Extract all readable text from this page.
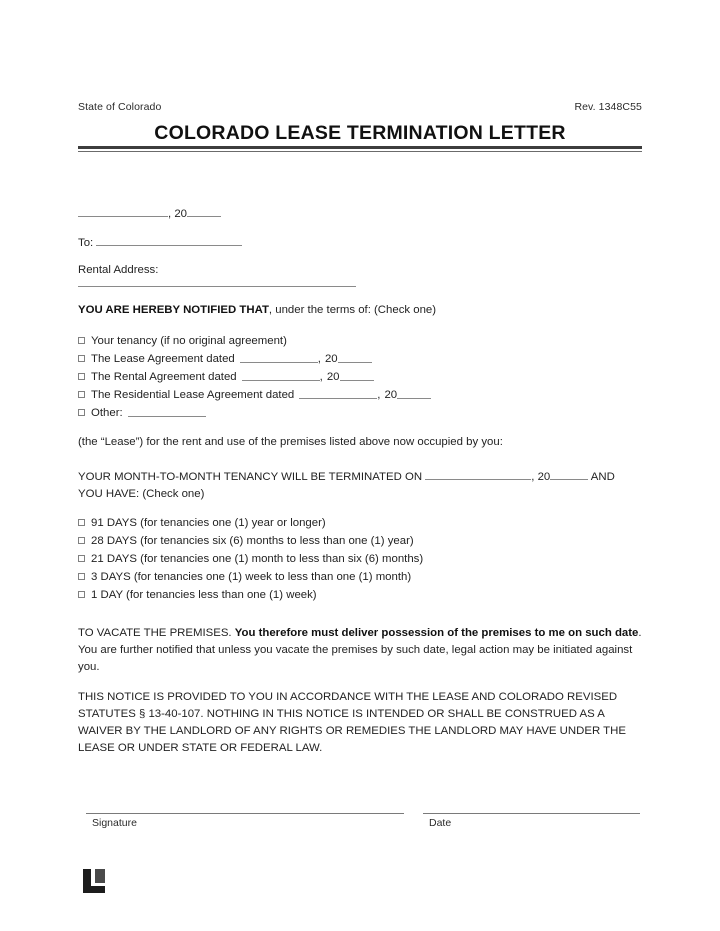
State of Colorado	Rev. 1348C55
COLORADO LEASE TERMINATION LETTER
, 20
To:
Rental Address:
YOU ARE HEREBY NOTIFIED THAT, under the terms of: (Check one)
Your tenancy (if no original agreement)
The Lease Agreement dated	, 20
The Rental Agreement dated	, 20
The Residential Lease Agreement dated	, 20
Other:
(the “Lease”) for the rent and use of the premises listed above now occupied by you:
YOUR MONTH-TO-MONTH TENANCY WILL BE TERMINATED ON	, 20	AND
YOU HAVE: (Check one)
91 DAYS (for tenancies one (1) year or longer)
28 DAYS (for tenancies six (6) months to less than one (1) year)
21 DAYS (for tenancies one (1) month to less than six (6) months)
3 DAYS (for tenancies one (1) week to less than one (1) month)
1 DAY (for tenancies less than one (1) week)
TO VACATE THE PREMISES. You therefore must deliver possession of the premises to me on such date. You are further notified that unless you vacate the premises by such date, legal action may be initiated against you.
THIS NOTICE IS PROVIDED TO YOU IN ACCORDANCE WITH THE LEASE AND COLORADO REVISED STATUTES § 13-40-107. NOTHING IN THIS NOTICE IS INTENDED OR SHALL BE CONSTRUED AS A WAIVER BY THE LANDLORD OF ANY RIGHTS OR REMEDIES THE LANDLORD MAY HAVE UNDER THE LEASE OR UNDER STATE OR FEDERAL LAW.
Signature	Date
